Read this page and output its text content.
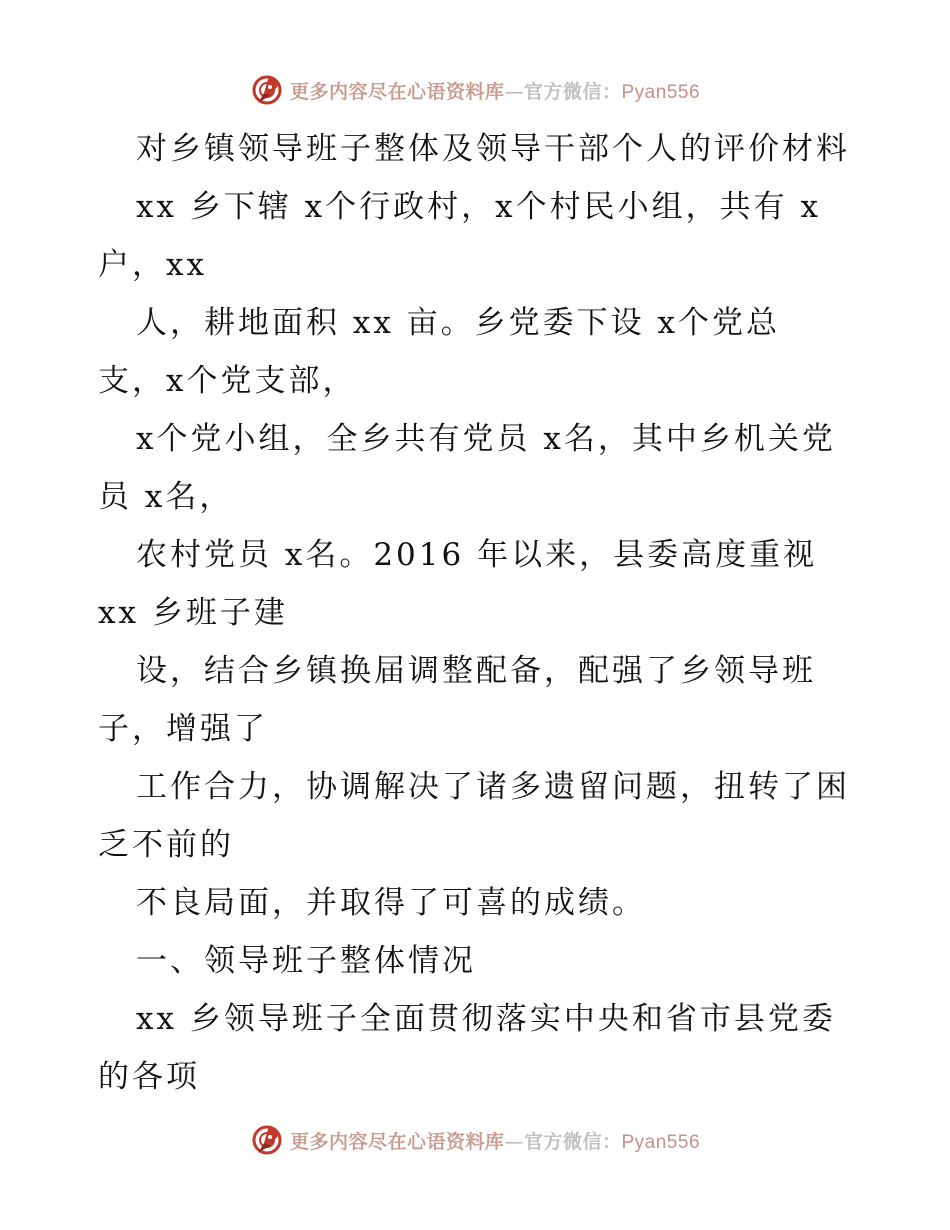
更多内容尽在心语资料库—官方微信：Pyan556
对乡镇领导班子整体及领导干部个人的评价材料
xx 乡下辖 x个行政村，x个村民小组，共有 x
户，xx
人，耕地面积 xx 亩。乡党委下设 x个党总
支，x个党支部，
x个党小组，全乡共有党员 x名，其中乡机关党
员 x名，
农村党员 x名。2016 年以来，县委高度重视
xx 乡班子建
设，结合乡镇换届调整配备，配强了乡领导班
子，增强了
工作合力，协调解决了诸多遗留问题，扭转了困
乏不前的
不良局面，并取得了可喜的成绩。
一、领导班子整体情况
xx 乡领导班子全面贯彻落实中央和省市县党委
的各项
更多内容尽在心语资料库—官方微信：Pyan556
